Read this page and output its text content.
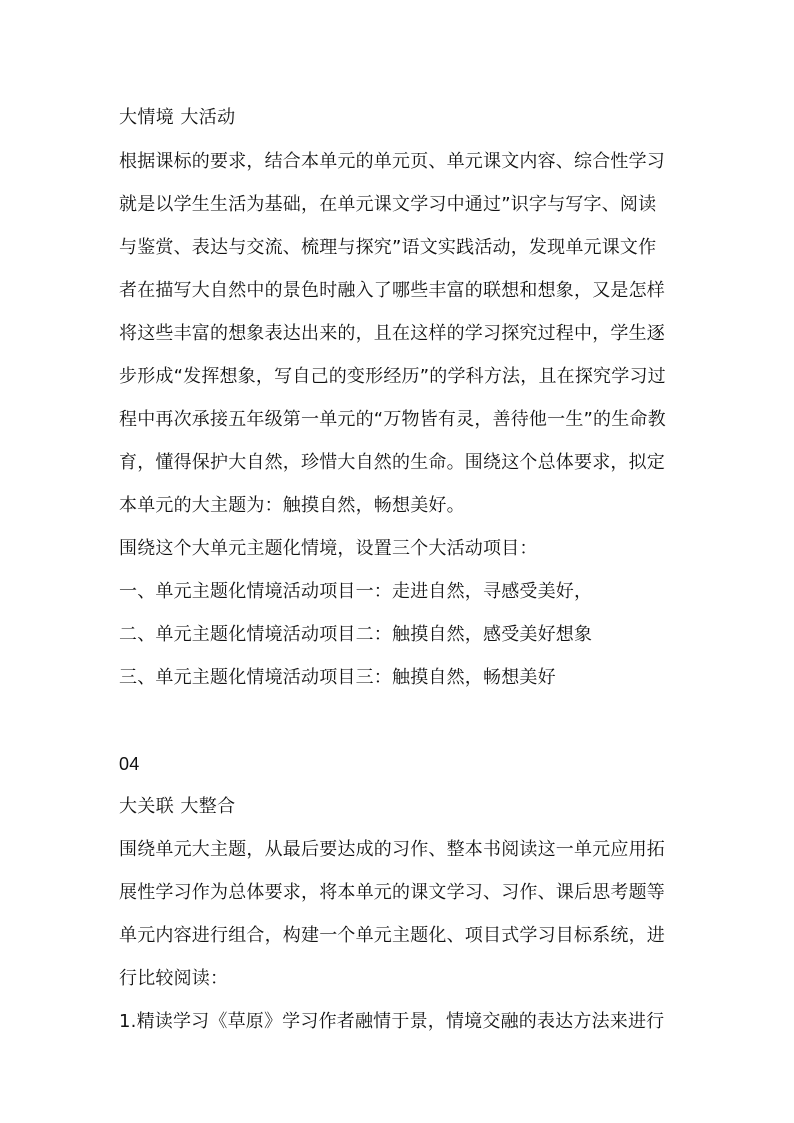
大情境 大活动
根据课标的要求，结合本单元的单元页、单元课文内容、综合性学习
就是以学生生活为基础，在单元课文学习中通过”识字与写字、阅读
与鉴赏、表达与交流、梳理与探究”语文实践活动，发现单元课文作
者在描写大自然中的景色时融入了哪些丰富的联想和想象，又是怎样
将这些丰富的想象表达出来的，且在这样的学习探究过程中，学生逐
步形成“发挥想象，写自己的变形经历”的学科方法，且在探究学习过
程中再次承接五年级第一单元的“万物皆有灵，善待他一生”的生命教
育，懂得保护大自然，珍惜大自然的生命。围绕这个总体要求，拟定
本单元的大主题为：触摸自然，畅想美好。
围绕这个大单元主题化情境，设置三个大活动项目：
一、单元主题化情境活动项目一：走进自然，寻感受美好，
二、单元主题化情境活动项目二：触摸自然，感受美好想象
三、单元主题化情境活动项目三：触摸自然，畅想美好
04
大关联 大整合
围绕单元大主题，从最后要达成的习作、整本书阅读这一单元应用拓
展性学习作为总体要求，将本单元的课文学习、习作、课后思考题等
单元内容进行组合，构建一个单元主题化、项目式学习目标系统，进
行比较阅读：
1.精读学习《草原》学习作者融情于景，情境交融的表达方法来进行
